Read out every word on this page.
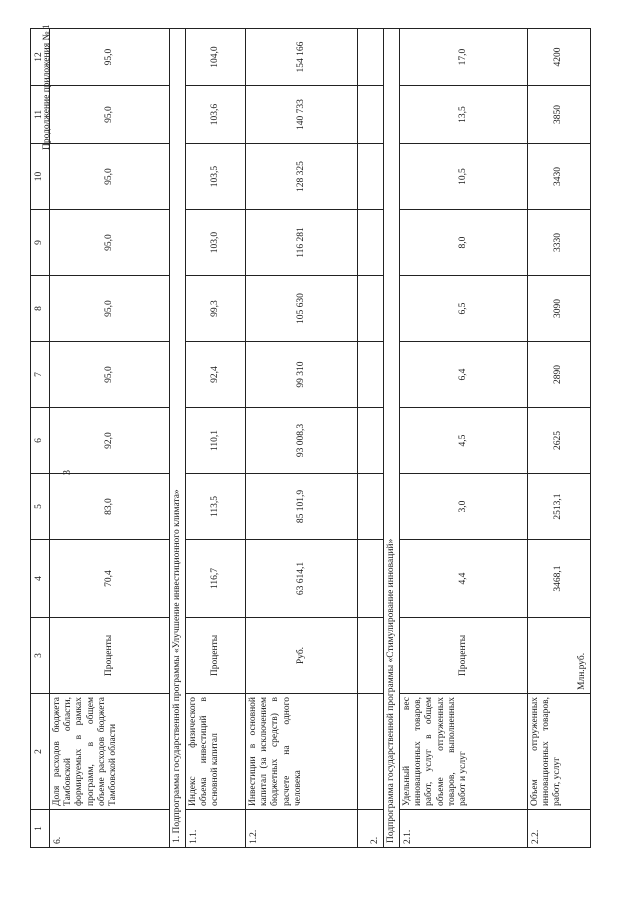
3
Продолжение приложения № 1
1
2
3
4
5
6
7
8
9
10
11
12
6.
Доля расходов бюджета Тамбовской области, формируемых в рамках программ, в общем объеме расходов бюджета Тамбовской области
Проценты
70,4
83,0
92,0
95,0
95,0
95,0
95,0
95,0
95,0
1. Подпрограмма государственной программы «Улучшение инвестиционного климата» 1.1.
Индекс физического объема инвестиций в основной капитал
Проценты
116,7
113,5
110,1
92,4
99,3
103,0
103,5
103,6
104,0
1.2.
Инвестиции в основной капитал (за исключением бюджетных средств) в расчете на одного человека
Руб.
63 614,1
85 101,9
93 008,3
99 310
105 630
116 281
128 325
140 733
154 166
2. Подпрограмма государственной программы «Стимулирование инноваций» 2.1.
Удельный вес инновационных товаров, работ, услуг в общем объеме отгруженных товаров, выполненных работ и услуг
Проценты
4,4
3,0
4,5
6,4
6,5
8,0
10,5
13,5
17,0
2.2.
Объем отгруженных инновационных товаров, работ, услуг
Млн.руб.
3468,1
2513,1
2625
2890
3090
3330
3430
3850
4200
